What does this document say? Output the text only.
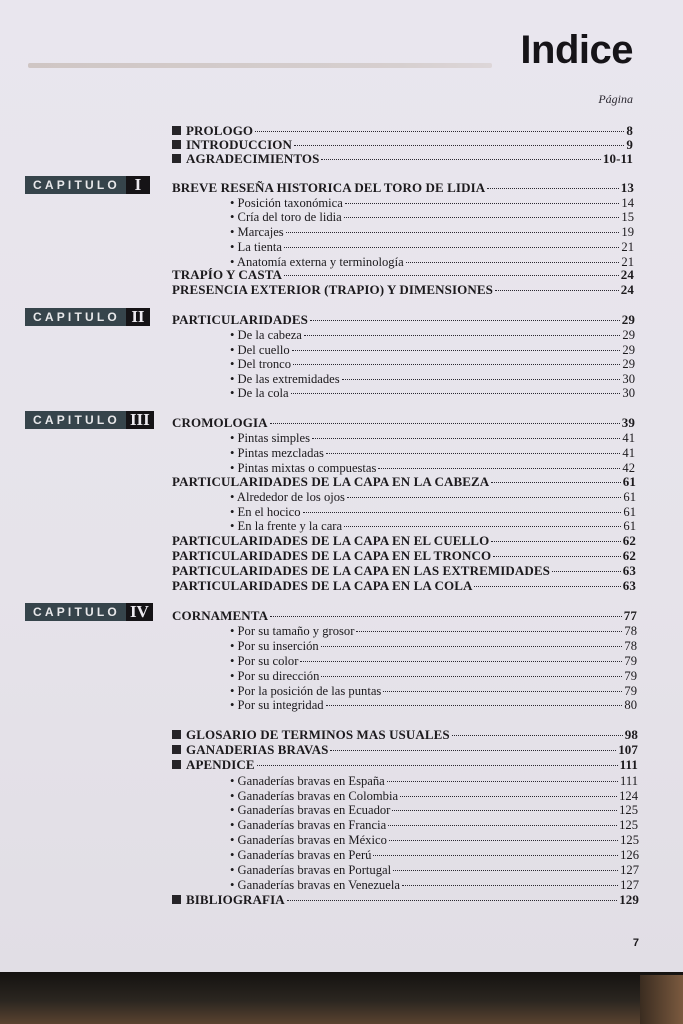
Indice
Página
CAPITULO I
CAPITULO II
CAPITULO III
CAPITULO IV
PROLOGO	8
INTRODUCCION	9
AGRADECIMIENTOS	10-11
BREVE RESEÑA HISTORICA DEL TORO DE LIDIA	13
• Posición taxonómica	14
• Cría del toro de lidia	15
• Marcajes	19
• La tienta	21
• Anatomía externa y terminología	21
TRAPÍO Y CASTA	24
PRESENCIA EXTERIOR (TRAPIO) Y DIMENSIONES	24
PARTICULARIDADES	29
• De la cabeza	29
• Del cuello	29
• Del tronco	29
• De las extremidades	30
• De la cola	30
CROMOLOGIA	39
• Pintas simples	41
• Pintas mezcladas	41
• Pintas mixtas o compuestas	42
PARTICULARIDADES DE LA CAPA EN LA CABEZA	61
• Alrededor de los ojos	61
• En el hocico	61
• En la frente y la cara	61
PARTICULARIDADES DE LA CAPA EN EL CUELLO	62
PARTICULARIDADES DE LA CAPA EN EL TRONCO	62
PARTICULARIDADES DE LA CAPA EN LAS EXTREMIDADES	63
PARTICULARIDADES DE LA CAPA EN LA COLA	63
CORNAMENTA	77
• Por su tamaño y grosor	78
• Por su inserción	78
• Por su color	79
• Por su dirección	79
• Por la posición de las puntas	79
• Por su integridad	80
GLOSARIO DE TERMINOS MAS USUALES	98
GANADERIAS BRAVAS	107
APENDICE	111
• Ganaderías bravas en España	111
• Ganaderías bravas en Colombia	124
• Ganaderías bravas en Ecuador	125
• Ganaderías bravas en Francia	125
• Ganaderías bravas en México	125
• Ganaderías bravas en Perú	126
• Ganaderías bravas en Portugal	127
• Ganaderías bravas en Venezuela	127
BIBLIOGRAFIA	129
7
